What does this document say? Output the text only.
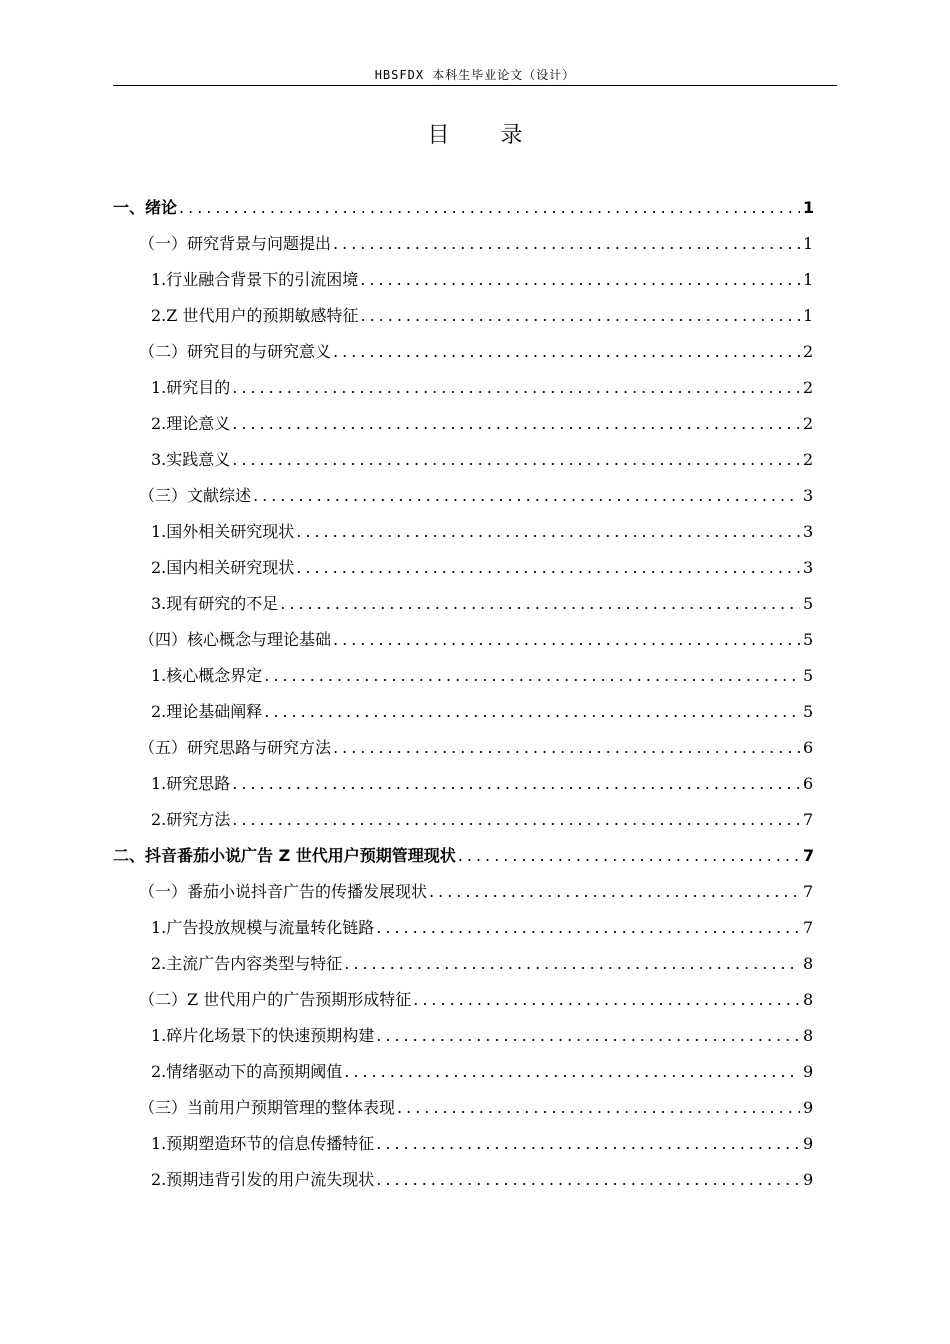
HBSFDX 本科生毕业论文（设计）
目 录
一、 绪论 .....	1
（一） 研究背景与问题提出 .....	1
1. 行业融合背景下的引流困境 .....	1
2. Z 世代用户的预期敏感特征 .....	1
（二） 研究目的与研究意义 .....	2
1. 研究目的 .....	2
2. 理论意义 .....	2
3. 实践意义 .....	2
（三） 文献综述 .....	3
1. 国外相关研究现状 .....	3
2. 国内相关研究现状 .....	3
3. 现有研究的不足 .....	5
（四） 核心概念与理论基础 .....	5
1. 核心概念界定 .....	5
2. 理论基础阐释 .....	5
（五） 研究思路与研究方法 .....	6
1. 研究思路 .....	6
2. 研究方法 .....	7
二、 抖音番茄小说广告 Z 世代用户预期管理现状 .....	7
（一） 番茄小说抖音广告的传播发展现状 .....	7
1. 广告投放规模与流量转化链路 .....	7
2. 主流广告内容类型与特征 .....	8
（二） Z 世代用户的广告预期形成特征 .....	8
1. 碎片化场景下的快速预期构建 .....	8
2. 情绪驱动下的高预期阈值 .....	9
（三） 当前用户预期管理的整体表现 .....	9
1. 预期塑造环节的信息传播特征 .....	9
2. 预期违背引发的用户流失现状 .....	9
